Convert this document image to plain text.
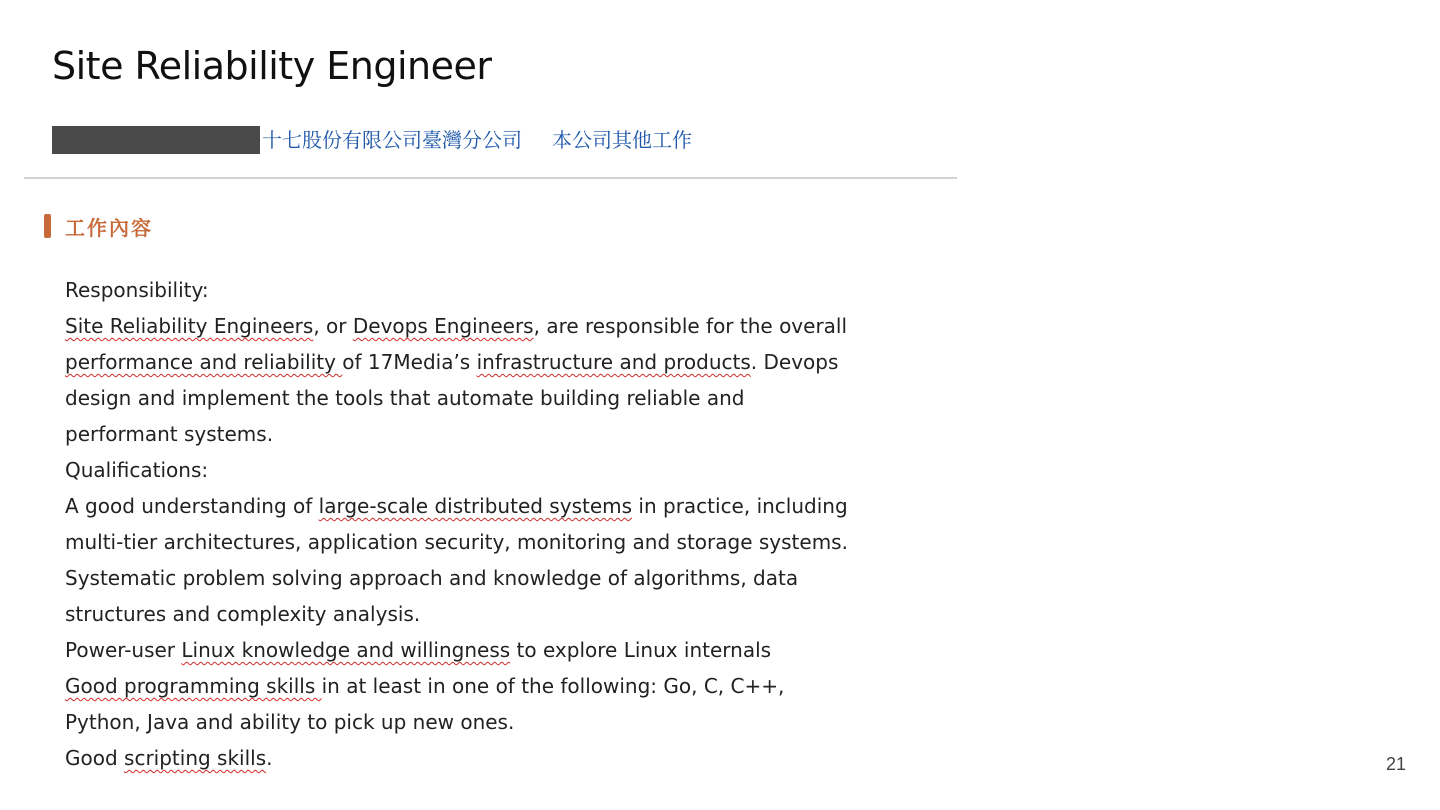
Site Reliability Engineer
十七股份有限公司臺灣分公司 本公司其他工作
工作內容
Responsibility:
Site Reliability Engineers, or Devops Engineers, are responsible for the overall
performance and reliability of 17Media’s infrastructure and products. Devops
design and implement the tools that automate building reliable and
performant systems.
Qualifications:
A good understanding of large-scale distributed systems in practice, including
multi-tier architectures, application security, monitoring and storage systems.
Systematic problem solving approach and knowledge of algorithms, data
structures and complexity analysis.
Power-user Linux knowledge and willingness to explore Linux internals
Good programming skills in at least in one of the following: Go, C, C++,
Python, Java and ability to pick up new ones.
Good scripting skills.	21
